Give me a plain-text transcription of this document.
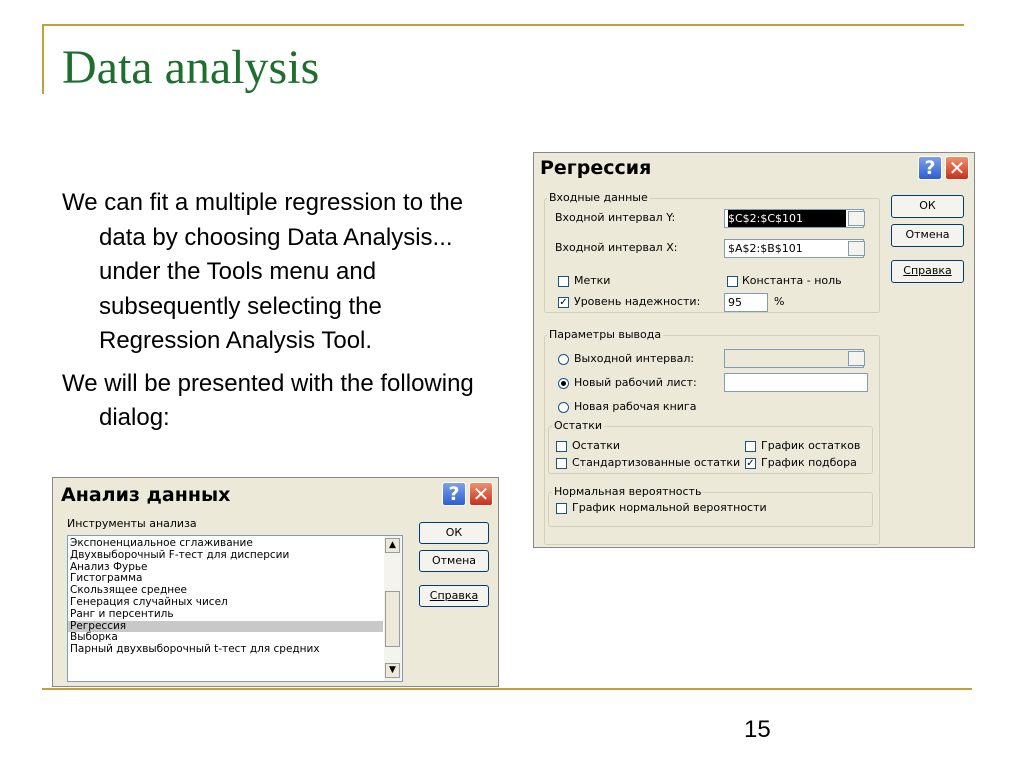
Data analysis

We can fit a multiple regression to the data by choosing Data Analysis... under the Tools menu and subsequently selecting the Regression Analysis Tool.

We will be presented with the following dialog:

15
Регрессия	? ✕
Входные данные
Входной интервал Y:	$C$2:$C$101
Входной интервал X:	$A$2:$B$101
Метки	Константа - ноль
✓ Уровень надежности:	95	%
Параметры вывода
Выходной интервал:
Новый рабочий лист:
Новая рабочая книга
Остатки
Остатки	График остатков
Стандартизованные остатки ✓ График подбора
Нормальная вероятность
График нормальной вероятности
ОК
Отмена
Справка
Анализ данных	? ✕
Инструменты анализа
Экспоненциальное сглаживание
Двухвыборочный F-тест для дисперсии
Анализ Фурье
Гистограмма
Скользящее среднее
Генерация случайных чисел
Ранг и персентиль
Регрессия
Выборка
Парный двухвыборочный t-тест для средних
▲
▼
ОК
Отмена
Справка
